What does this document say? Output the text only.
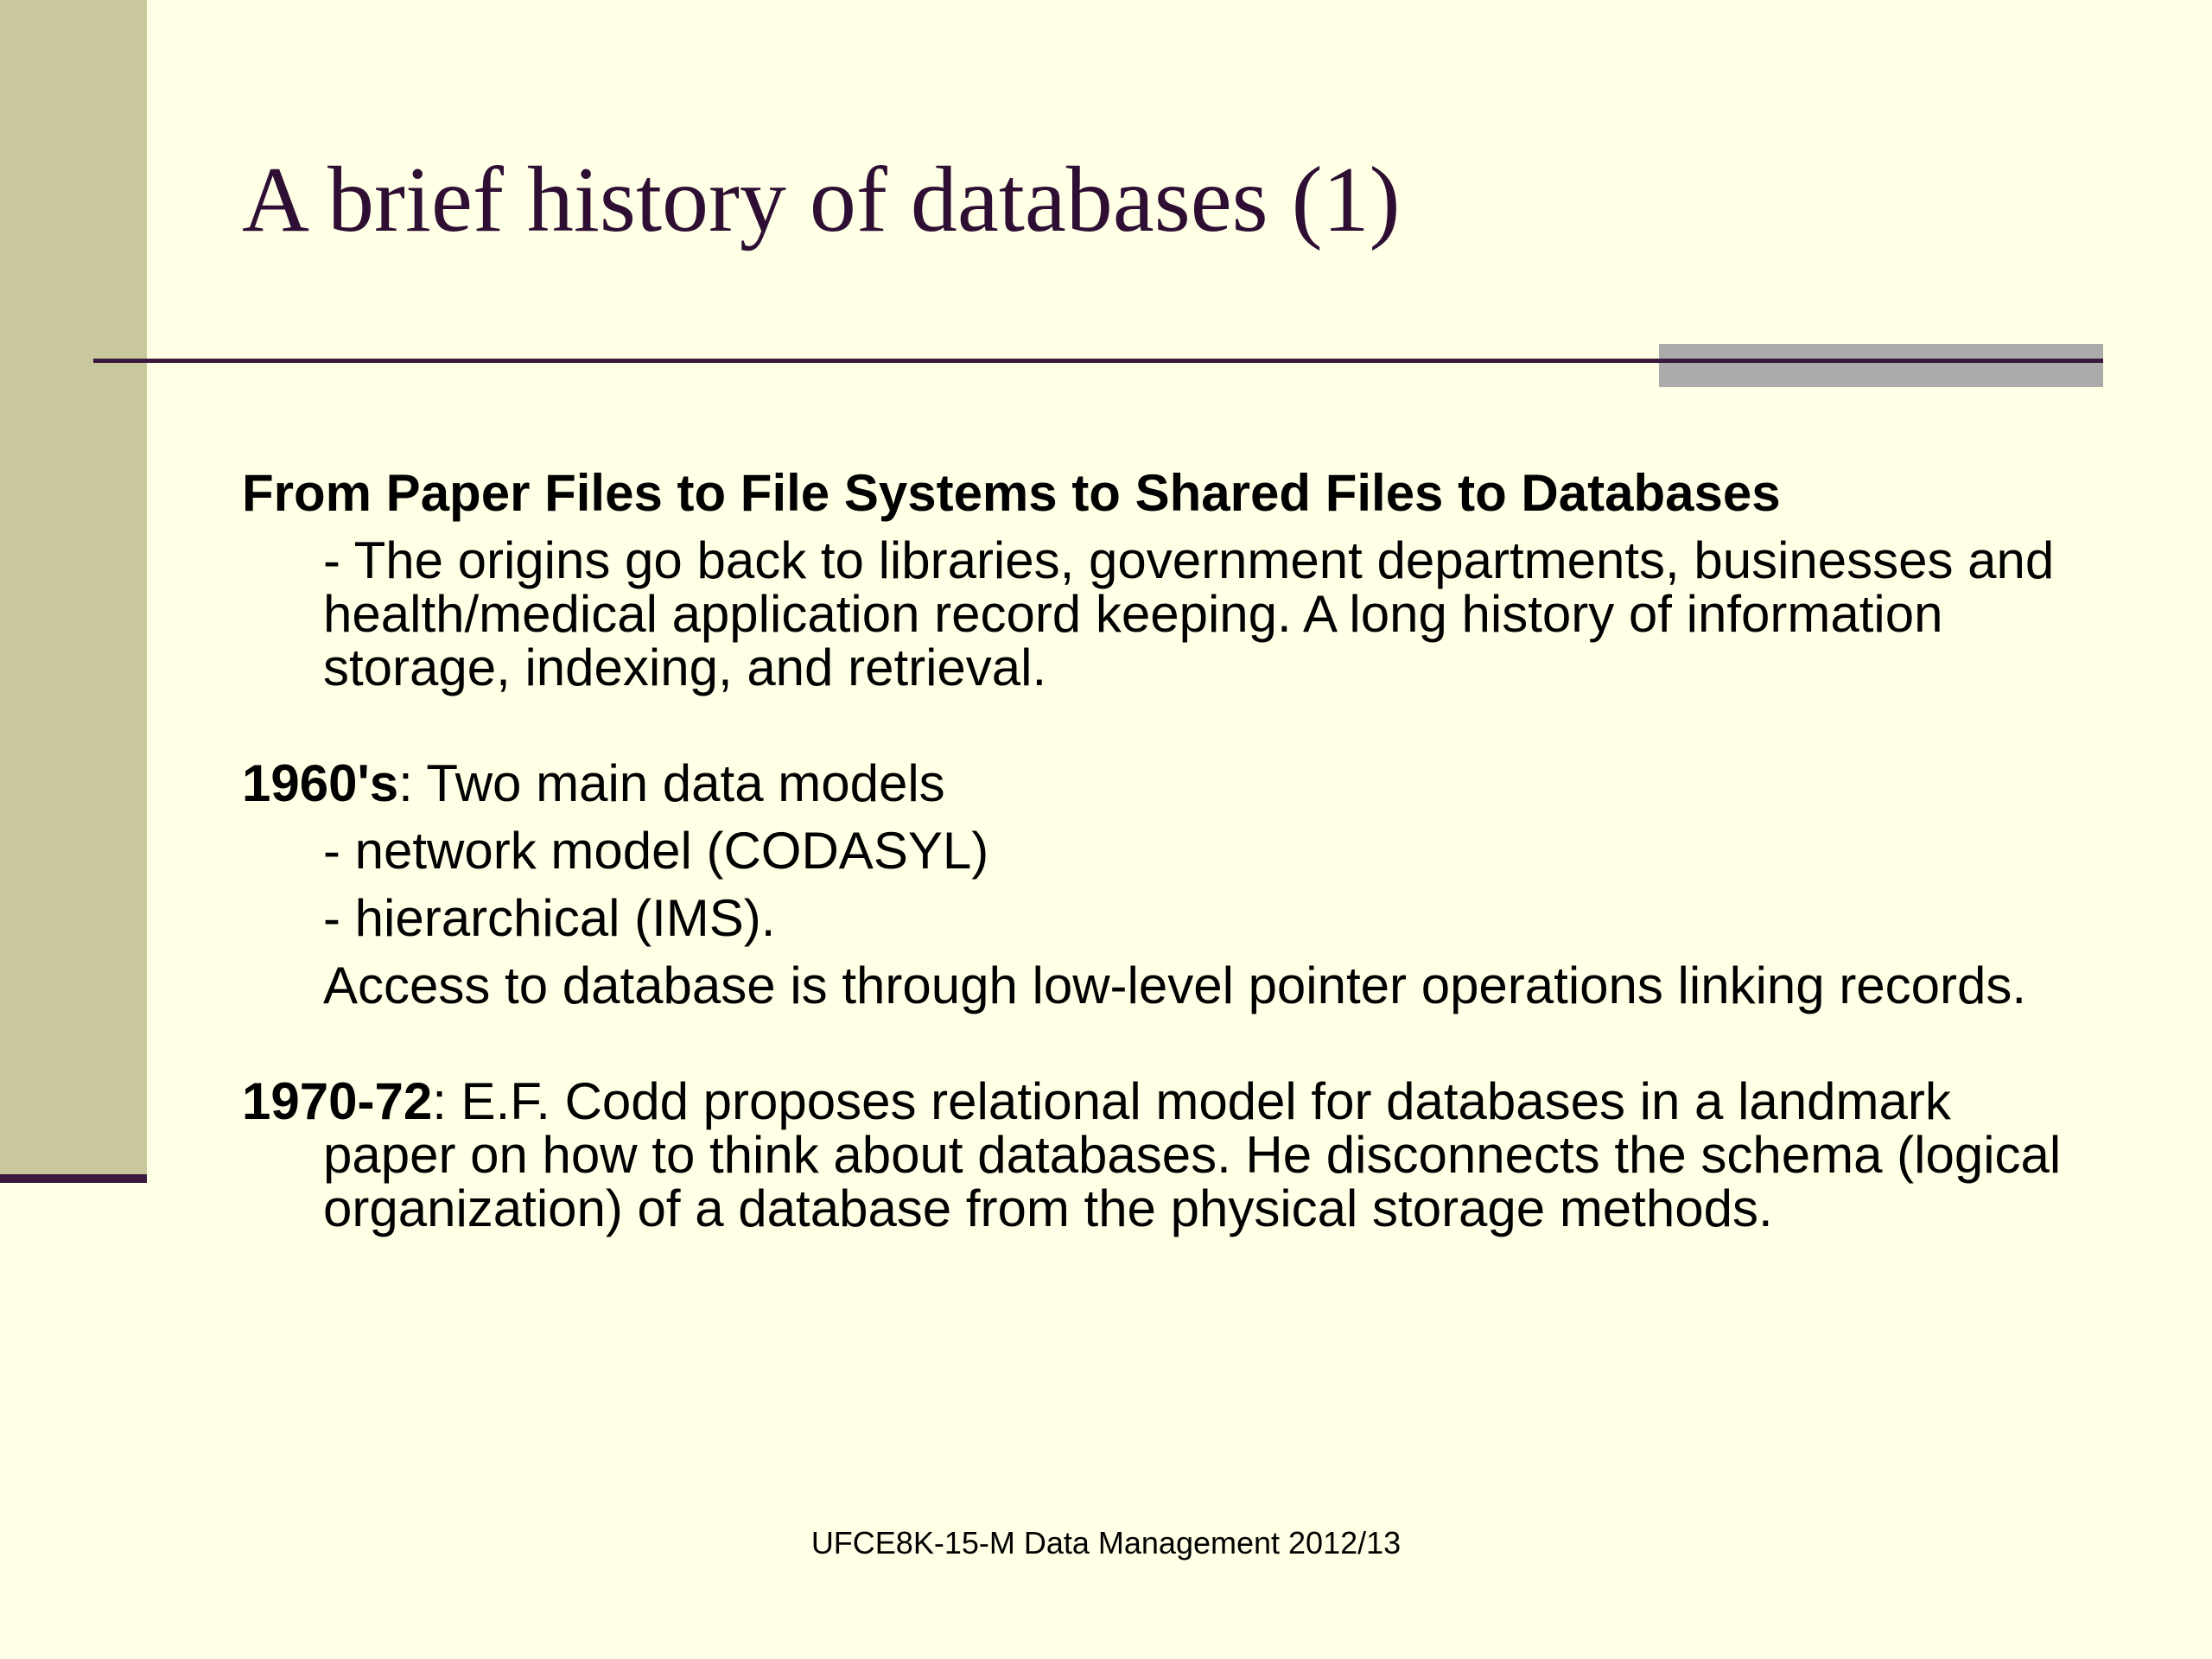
A brief history of databases (1)
From Paper Files to File Systems to Shared Files to Databases
- The origins go back to libraries, government departments, businesses and health/medical application record keeping. A long history of information storage, indexing, and retrieval.
1960's: Two main data models
- network model (CODASYL)
- hierarchical (IMS).
Access to database is through low-level pointer operations linking records.
1970-72: E.F. Codd proposes relational model for databases in a landmark paper on how to think about databases. He disconnects the schema (logical organization) of a database from the physical storage methods.
UFCE8K-15-M Data Management 2012/13
